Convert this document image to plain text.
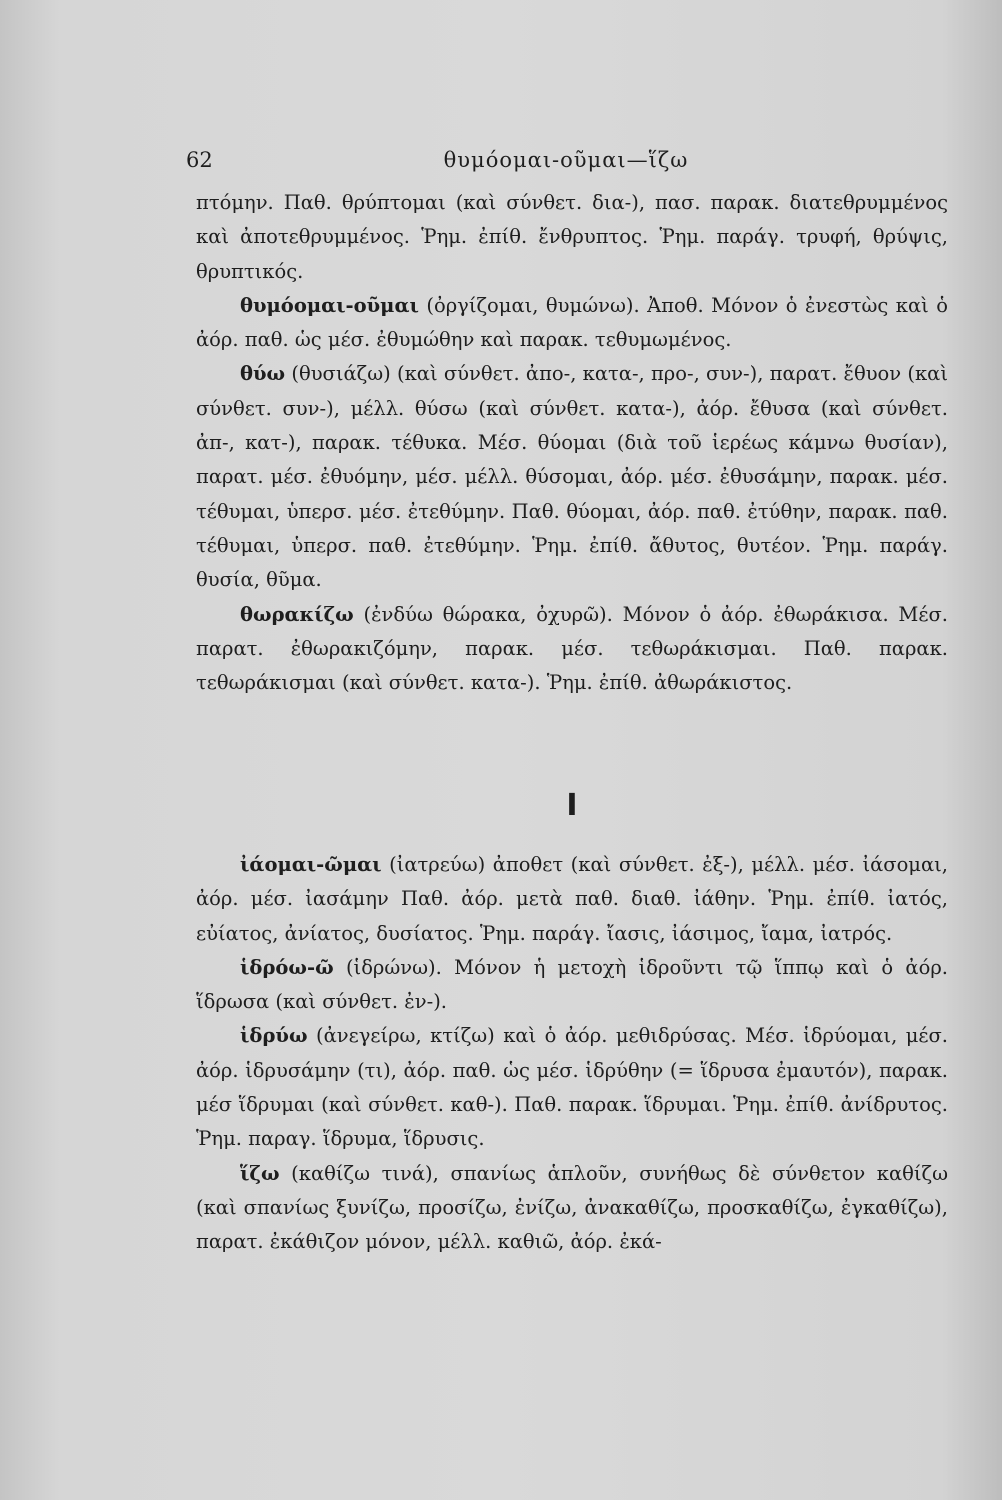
62	θυμόομαι-οῦμαι—ἵζω

πτόμην. Παθ. θρύπτομαι (καὶ σύνθετ. δια-), πασ. παρακ. διατεθρυμμένος καὶ ἀποτεθρυμμένος. Ῥημ. ἐπίθ. ἔνθρυπτος. Ῥημ. παράγ. τρυφή, θρύψις, θρυπτικός.

θυμόομαι-οῦμαι (ὀργίζομαι, θυμώνω). Ἀποθ. Μόνον ὁ ἐνεστὼς καὶ ὁ ἀόρ. παθ. ὡς μέσ. ἐθυμώθην καὶ παρακ. τεθυμωμένος.

θύω (θυσιάζω) (καὶ σύνθετ. ἀπο-, κατα-, προ-, συν-), παρατ. ἔθυον (καὶ σύνθετ. συν-), μέλλ. θύσω (καὶ σύνθετ. κατα-), ἀόρ. ἔθυσα (καὶ σύνθετ. ἀπ-, κατ-), παρακ. τέθυκα. Μέσ. θύομαι (διὰ τοῦ ἱερέως κάμνω θυσίαν), παρατ. μέσ. ἐθυόμην, μέσ. μέλλ. θύσομαι, ἀόρ. μέσ. ἐθυσάμην, παρακ. μέσ. τέθυμαι, ὑπερσ. μέσ. ἐτεθύμην. Παθ. θύομαι, ἀόρ. παθ. ἐτύθην, παρακ. παθ. τέθυμαι, ὑπερσ. παθ. ἐτεθύμην. Ῥημ. ἐπίθ. ἄθυτος, θυτέον. Ῥημ. παράγ. θυσία, θῦμα.

θωρακίζω (ἐνδύω θώρακα, ὀχυρῶ). Μόνον ὁ ἀόρ. ἐθωράκισα. Μέσ. παρατ. ἐθωρακιζόμην, παρακ. μέσ. τεθωράκισμαι. Παθ. παρακ. τεθωράκισμαι (καὶ σύνθετ. κατα-). Ῥημ. ἐπίθ. ἀθωράκιστος.

I

ἰάομαι-ῶμαι (ἰατρεύω) ἀποθετ (καὶ σύνθετ. ἐξ-), μέλλ. μέσ. ἰάσομαι, ἀόρ. μέσ. ἰασάμην Παθ. ἀόρ. μετὰ παθ. διαθ. ἰάθην. Ῥημ. ἐπίθ. ἰατός, εὐίατος, ἀνίατος, δυσίατος. Ῥημ. παράγ. ἴασις, ἰάσιμος, ἴαμα, ἰατρός.

ἱδρόω-ῶ (ἱδρώνω). Μόνον ἡ μετοχὴ ἱδροῦντι τῷ ἵππῳ καὶ ὁ ἀόρ. ἵδρωσα (καὶ σύνθετ. ἐν-).

ἱδρύω (ἀνεγείρω, κτίζω) καὶ ὁ ἀόρ. μεθιδρύσας. Μέσ. ἱδρύομαι, μέσ. ἀόρ. ἱδρυσάμην (τι), ἀόρ. παθ. ὡς μέσ. ἱδρύθην (= ἵδρυσα ἐμαυτόν), παρακ. μέσ ἵδρυμαι (καὶ σύνθετ. καθ-). Παθ. παρακ. ἵδρυμαι. Ῥημ. ἐπίθ. ἀνίδρυτος. Ῥημ. παραγ. ἵδρυμα, ἵδρυσις.

ἵζω (καθίζω τινά), σπανίως ἁπλοῦν, συνήθως δὲ σύνθετον καθίζω (καὶ σπανίως ξυνίζω, προσίζω, ἐνίζω, ἀνακαθίζω, προσκαθίζω, ἐγκαθίζω), παρατ. ἐκάθιζον μόνον, μέλλ. καθιῶ, ἀόρ. ἐκά-
